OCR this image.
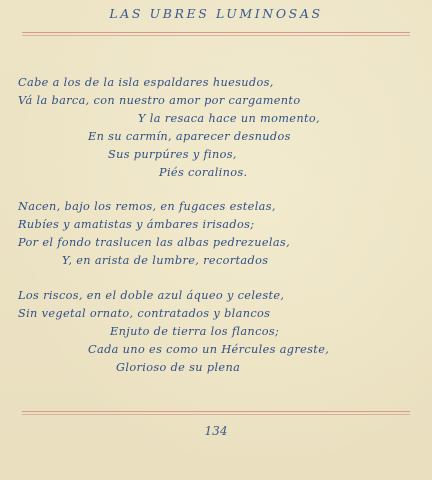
LAS UBRES LUMINOSAS
Cabe a los de la isla espaldares huesudos,
Vá la barca, con nuestro amor por cargamento
Y la resaca hace un momento,
En su carmín, aparecer desnudos
Sus purpúres y finos,
Piés coralinos.
Nacen, bajo los remos, en fugaces estelas,
Rubíes y amatistas y ámbares irisados;
Por el fondo traslucen las albas pedrezuelas,
Y, en arista de lumbre, recortados
Los riscos, en el doble azul áqueo y celeste,
Sin vegetal ornato, contratados y blancos
Enjuto de tierra los flancos;
Cada uno es como un Hércules agreste,
Glorioso de su plena
134
